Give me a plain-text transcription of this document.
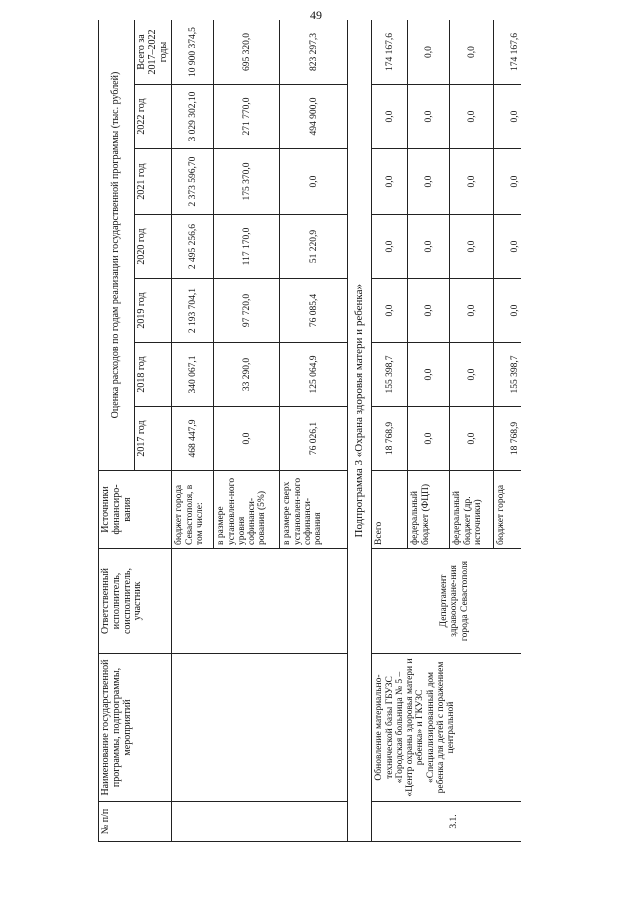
49
№ п/п	Наименование государственной программы, подпрограммы, мероприятий	Ответственный исполнитель, соисполнитель, участник	Источники финансиро-вания	Оценка расходов по годам реализации государственной программы (тыс. рублей)						
				2017 год	2018 год	2019 год	2020 год	2021 год	2022 год	Всего за 2017–2022 годы
			бюджет города Севастополя, в том числе:	468 447,9	340 067,1	2 193 704,1	2 495 256,6	2 373 596,70	3 029 302,10	10 900 374,5
			в размере установлен-ного уровня софинанси-рования (5%)	0,0	33 290,0	97 720,0	117 170,0	175 370,0	271 770,0	695 320,0
			в размере сверх установлен-ного софинанси-рования	76 026,1	125 064,9	76 085,4	51 220,9	0,0	494 900,0	823 297,3
	Подпрограмма 3 «Охрана здоровья матери и ребенка»									
3.1.	Обновление материально-технической базы ГБУЗС «Городская больница № 5 – «Центр охраны здоровья матери и ребенка» и ГКУЗС «Специализированный дом ребенка для детей с поражением центральной	Департамент здравоохране-ния города Севастополя	Всего	18 768,9	155 398,7	0,0	0,0	0,0	0,0	174 167,6
			федеральный бюджет (ФЦП)	0,0	0,0	0,0	0,0	0,0	0,0	0,0
			федеральный бюджет (др. источники)	0,0	0,0	0,0	0,0	0,0	0,0	0,0
			бюджет города	18 768,9	155 398,7	0,0	0,0	0,0	0,0	174 167,6
